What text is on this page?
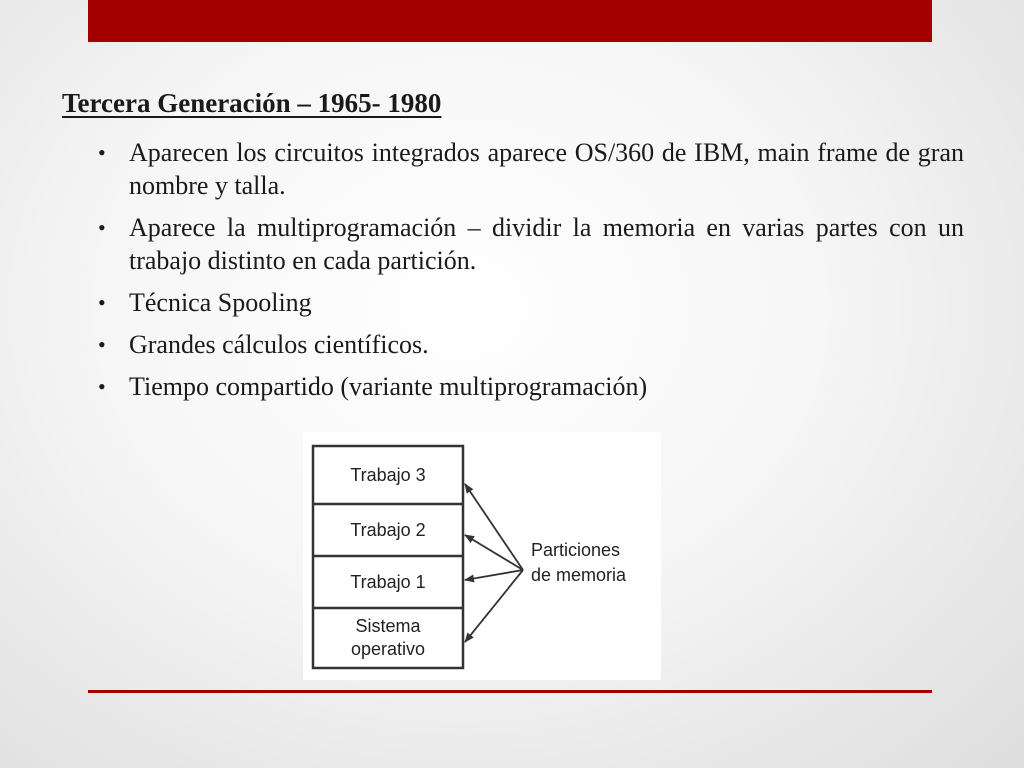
Tercera Generación – 1965- 1980
• Aparecen los circuitos integrados aparece OS/360 de IBM, main frame de gran nombre y talla.
• Aparece la multiprogramación – dividir la memoria en varias partes con un trabajo distinto en cada partición.
• Técnica Spooling
• Grandes cálculos científicos.
• Tiempo compartido (variante multiprogramación)
Trabajo 3
Trabajo 2
Trabajo 1
Sistema
operativo
Particiones
de memoria
